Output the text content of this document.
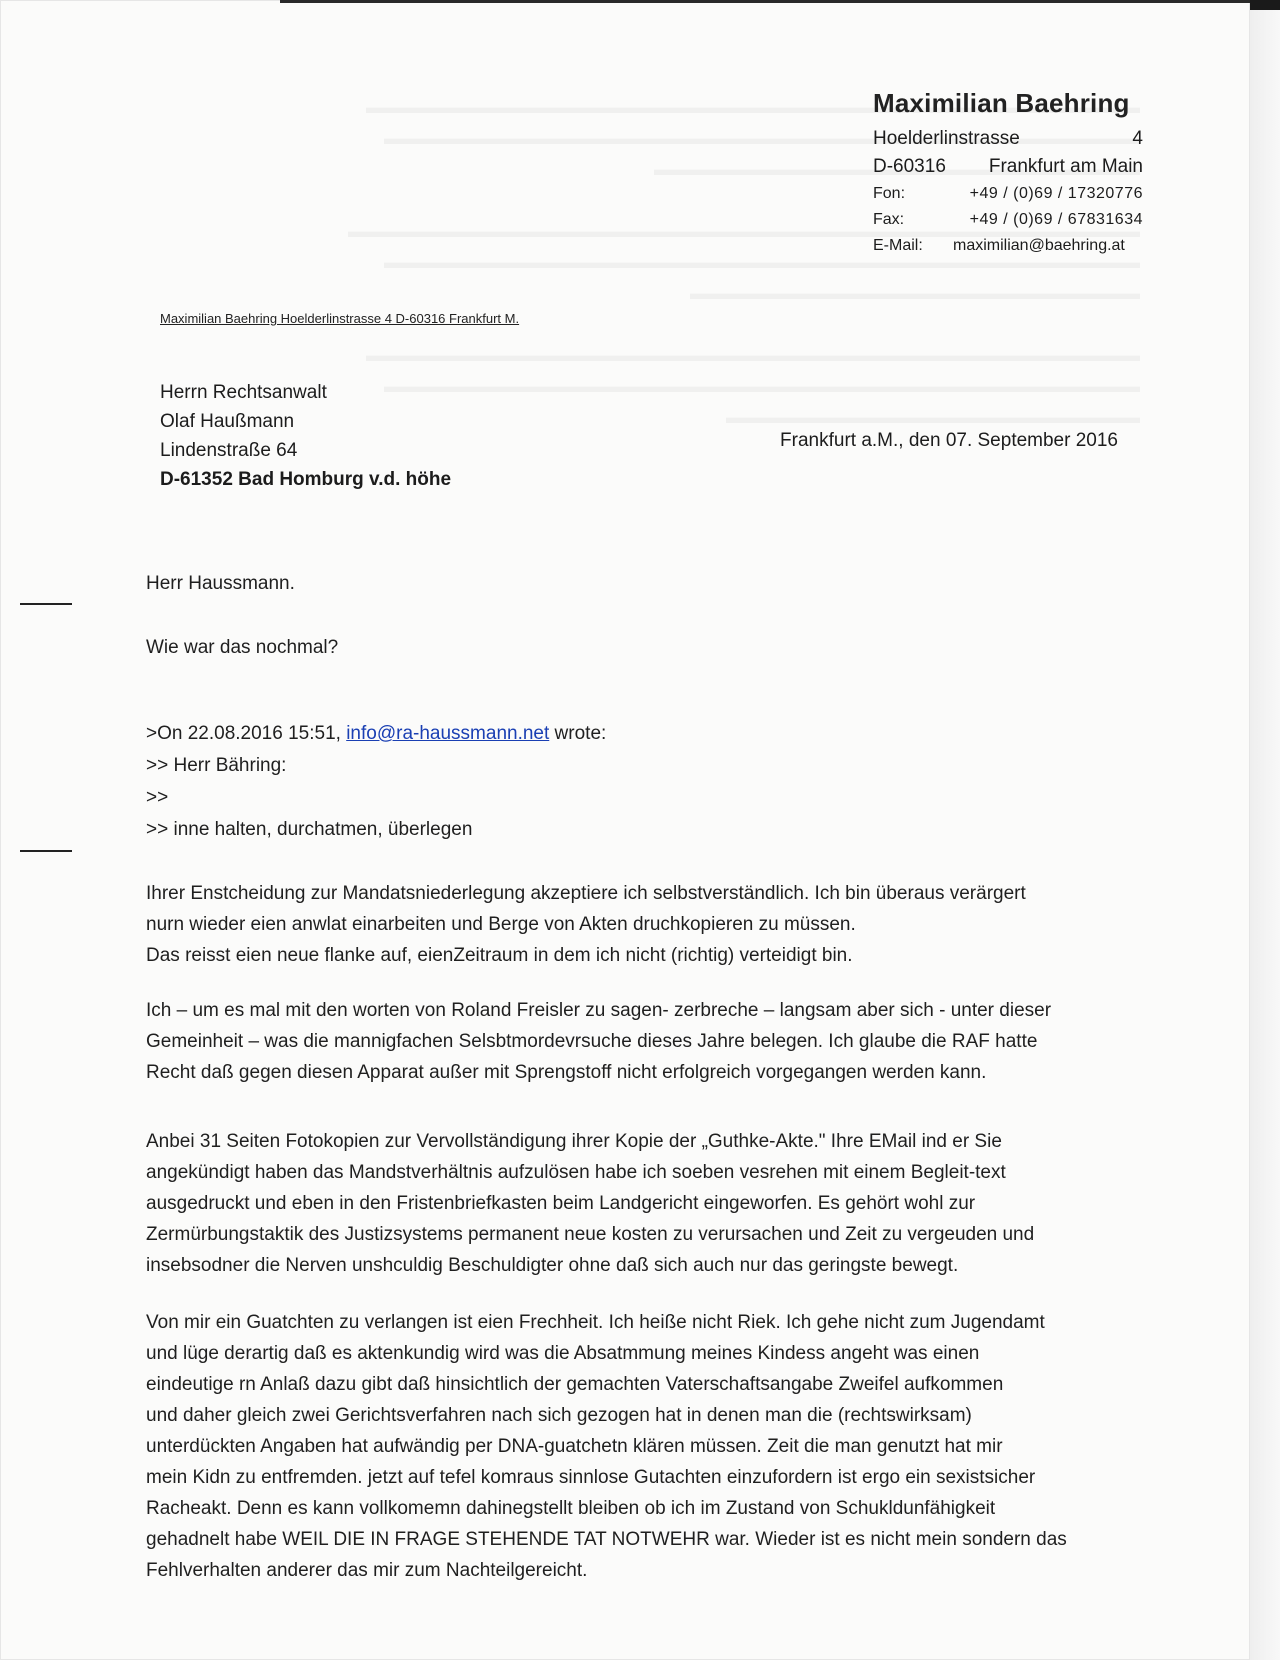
Maximilian Baehring
Hoelderlinstrasse	4
D-60316 Frankfurt am Main
Fon:	+49 / (0)69 / 17320776
Fax:	+49 / (0)69 / 67831634
E-Mail:	maximilian@baehring.at
Maximilian Baehring Hoelderlinstrasse 4 D-60316 Frankfurt M.
Herrn Rechtsanwalt
Olaf Haußmann
Lindenstraße 64
D-61352 Bad Homburg v.d. höhe
Frankfurt a.M., den 07. September 2016
Herr Haussmann.
Wie war das nochmal?
>On 22.08.2016 15:51, info@ra-haussmann.net wrote:
>> Herr Bähring:
>>
>> inne halten, durchatmen, überlegen
Ihrer Enstcheidung zur Mandatsniederlegung akzeptiere ich selbstverständlich. Ich bin überaus verärgert
nurn wieder eien anwlat einarbeiten und Berge von Akten druchkopieren zu müssen.
Das reisst eien neue flanke auf, eienZeitraum in dem ich nicht (richtig) verteidigt bin.
Ich – um es mal mit den worten von Roland Freisler zu sagen- zerbreche – langsam aber sich - unter dieser
Gemeinheit – was die mannigfachen Selsbtmordevrsuche dieses Jahre belegen. Ich glaube die RAF hatte
Recht daß gegen diesen Apparat außer mit Sprengstoff nicht erfolgreich vorgegangen werden kann.
Anbei 31 Seiten Fotokopien zur Vervollständigung ihrer Kopie der „Guthke-Akte." Ihre EMail ind er Sie
angekündigt haben das Mandstverhältnis aufzulösen habe ich soeben vesrehen mit einem Begleit-text
ausgedruckt und eben in den Fristenbriefkasten beim Landgericht eingeworfen. Es gehört wohl zur
Zermürbungstaktik des Justizsystems permanent neue kosten zu verursachen und Zeit zu vergeuden und
insebsodner die Nerven unshculdig Beschuldigter ohne daß sich auch nur das geringste bewegt.
Von mir ein Guatchten zu verlangen ist eien Frechheit. Ich heiße nicht Riek. Ich gehe nicht zum Jugendamt
und lüge derartig daß es aktenkundig wird was die Absatmmung meines Kindess angeht was einen
eindeutige rn Anlaß dazu gibt daß hinsichtlich der gemachten Vaterschaftsangabe Zweifel aufkommen
und daher gleich zwei Gerichtsverfahren nach sich gezogen hat in denen man die (rechtswirksam)
unterdückten Angaben hat aufwändig per DNA-guatchetn klären müssen. Zeit die man genutzt hat mir
mein Kidn zu entfremden. jetzt auf tefel komraus sinnlose Gutachten einzufordern ist ergo ein sexistsicher
Racheakt. Denn es kann vollkomemn dahinegstellt bleiben ob ich im Zustand von Schukldunfähigkeit
gehadnelt habe WEIL DIE IN FRAGE STEHENDE TAT NOTWEHR war. Wieder ist es nicht mein sondern das
Fehlverhalten anderer das mir zum Nachteilgereicht.
